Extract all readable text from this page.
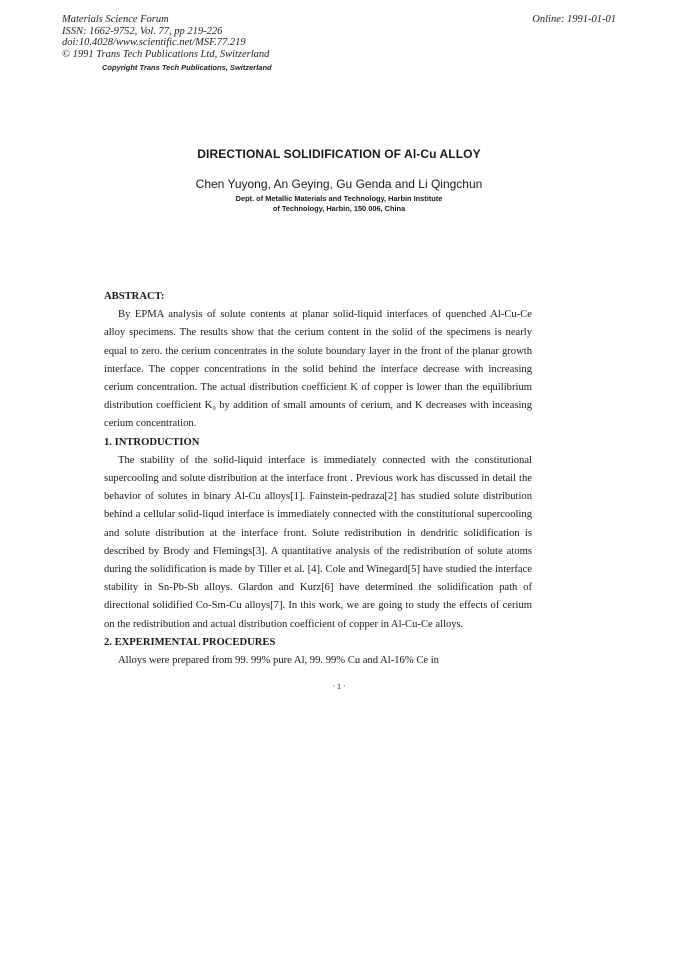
Materials Science Forum
ISSN: 1662-9752, Vol. 77, pp 219-226
doi:10.4028/www.scientific.net/MSF.77.219
© 1991 Trans Tech Publications Ltd, Switzerland
Copyright Trans Tech Publications, Switzerland
Online: 1991-01-01
DIRECTIONAL SOLIDIFICATION OF Al-Cu ALLOY
Chen Yuyong, An Geying, Gu Genda and Li Qingchun
Dept. of Metallic Materials and Technology, Harbin Institute
of Technology, Harbin, 150 006, China
ABSTRACT:

By EPMA analysis of solute contents at planar solid-liquid interfaces of quenched Al-Cu-Ce alloy specimens. The results show that the cerium content in the solid of the specimens is nearly equal to zero. the cerium concentrates in the solute boundary layer in the front of the planar growth interface. The copper concentrations in the solid behind the interface decrease with increasing cerium concentration. The actual distribution coefficient K of copper is lower than the equilibrium distribution coefficient K₀ by addition of small amounts of cerium, and K decreases with inceasing cerium concentration.

1. INTRODUCTION

The stability of the solid-liquid interface is immediately connected with the constitutional supercooling and solute distribution at the interface front . Previous work has discussed in detail the behavior of solutes in binary Al-Cu alloys[1]. Fainstein-pedraza[2] has studied solute distribution behind a cellular solid-liqud interface is immediately connected with the constitutional supercooling and solute distribution at the interface front. Solute redistribution in dendritic solidification is described by Brody and Flemings[3]. A quantitative analysis of the redistribution of solute atoms during the solidification is made by Tiller et al. [4]. Cole and Winegard[5] have studied the interface stability in Sn-Pb-Sb alloys. Glardon and Kurz[6] have determined the solidification path of directional solidified Co-Sm-Cu alloys[7]. In this work, we are going to study the effects of cerium on the redistribution and actual distribution coefficient of copper in Al-Cu-Ce alloys.

2. EXPERIMENTAL PROCEDURES

Alloys were prepared from 99. 99% pure Al, 99. 99% Cu and Al-16% Ce in

· 1 ·
